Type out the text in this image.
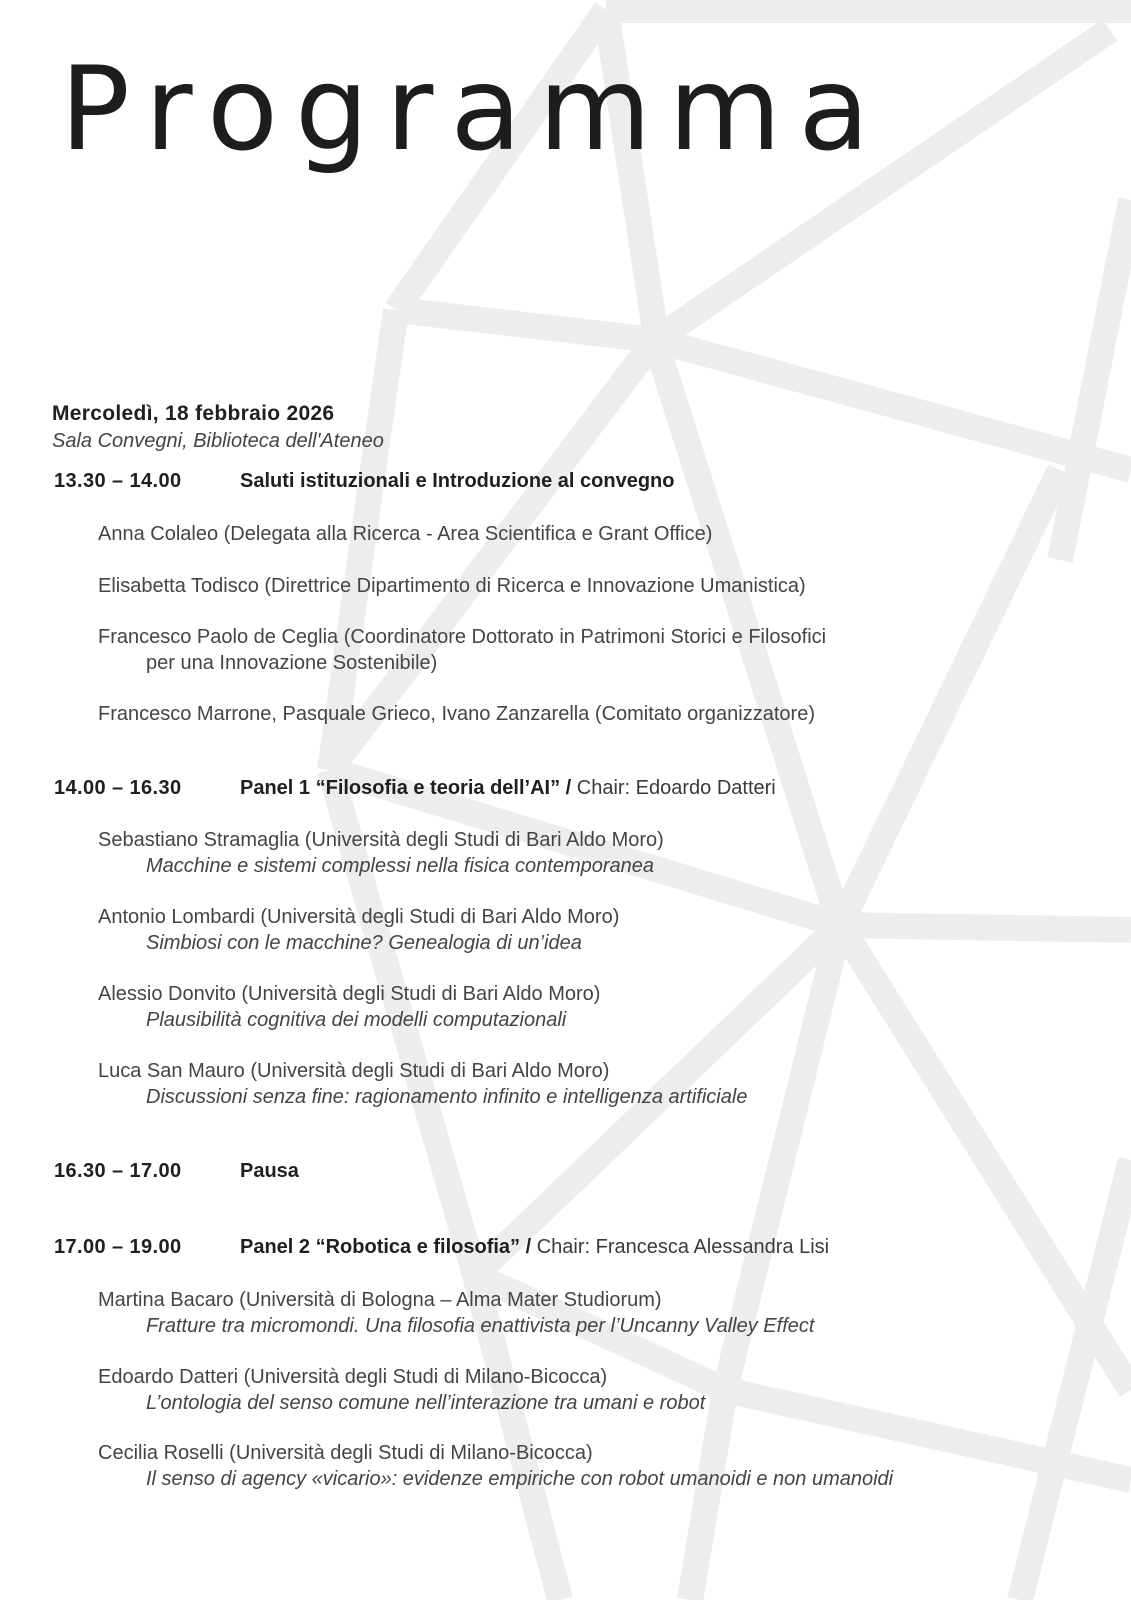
Programma
Mercoledì, 18 febbraio 2026
Sala Convegni, Biblioteca dell'Ateneo
13.30 – 14.00	Saluti istituzionali e Introduzione al convegno
Anna Colaleo (Delegata alla Ricerca - Area Scientifica e Grant Office)
Elisabetta Todisco (Direttrice Dipartimento di Ricerca e Innovazione Umanistica)
Francesco Paolo de Ceglia (Coordinatore Dottorato in Patrimoni Storici e Filosofici
per una Innovazione Sostenibile)
Francesco Marrone, Pasquale Grieco, Ivano Zanzarella (Comitato organizzatore)
14.00 – 16.30	Panel 1 “Filosofia e teoria dell’AI” / Chair: Edoardo Datteri
Sebastiano Stramaglia (Università degli Studi di Bari Aldo Moro)
Macchine e sistemi complessi nella fisica contemporanea
Antonio Lombardi (Università degli Studi di Bari Aldo Moro)
Simbiosi con le macchine? Genealogia di un’idea
Alessio Donvito (Università degli Studi di Bari Aldo Moro)
Plausibilità cognitiva dei modelli computazionali
Luca San Mauro (Università degli Studi di Bari Aldo Moro)
Discussioni senza fine: ragionamento infinito e intelligenza artificiale
16.30 – 17.00	Pausa
17.00 – 19.00	Panel 2 “Robotica e filosofia” / Chair: Francesca Alessandra Lisi
Martina Bacaro (Università di Bologna – Alma Mater Studiorum)
Fratture tra micromondi. Una filosofia enattivista per l’Uncanny Valley Effect
Edoardo Datteri (Università degli Studi di Milano-Bicocca)
L’ontologia del senso comune nell’interazione tra umani e robot
Cecilia Roselli (Università degli Studi di Milano-Bicocca)
Il senso di agency «vicario»: evidenze empiriche con robot umanoidi e non umanoidi
